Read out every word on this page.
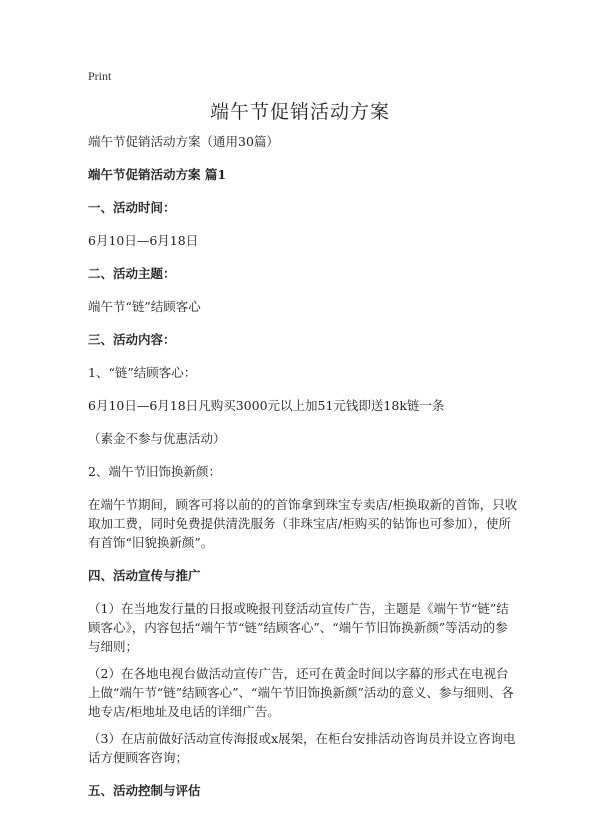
Print
端午节促销活动方案

端午节促销活动方案（通用30篇）

端午节促销活动方案 篇1

一、活动时间：

6月10日—6月18日

二、活动主题：

端午节“链”结顾客心

三、活动内容：

1、“链”结顾客心：

6月10日—6月18日凡购买3000元以上加51元钱即送18k链一条

（素金不参与优惠活动）

2、端午节旧饰换新颜：

在端午节期间，顾客可将以前的的首饰拿到珠宝专卖店/柜换取新的首饰，只收取加工费，同时免费提供清洗服务（非珠宝店/柜购买的钻饰也可参加），使所有首饰“旧貌换新颜”。

四、活动宣传与推广

（1）在当地发行量的日报或晚报刊登活动宣传广告，主题是《端午节“链”结顾客心》，内容包括“端午节“链”结顾客心”、“端午节旧饰换新颜”等活动的参与细则；

（2）在各地电视台做活动宣传广告，还可在黄金时间以字幕的形式在电视台上做“端午节“链”结顾客心”、“端午节旧饰换新颜”活动的意义、参与细则、各地专店/柜地址及电话的详细广告。

（3）在店前做好活动宣传海报或x展架，在柜台安排活动咨询员并设立咨询电话方便顾客咨询；

五、活动控制与评估
